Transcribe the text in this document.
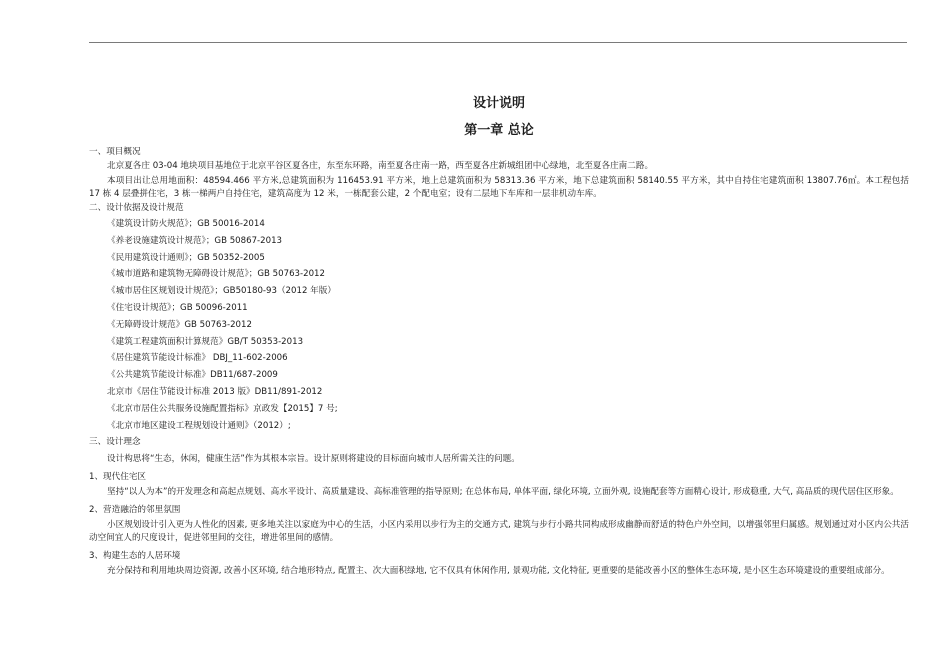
设计说明

第一章 总论

一、项目概况

北京夏各庄 03-04 地块项目基地位于北京平谷区夏各庄，东至东环路，南至夏各庄南一路，西至夏各庄新城组团中心绿地，北至夏各庄南二路。

本项目出让总用地面积：48594.466 平方米,总建筑面积为 116453.91 平方米，地上总建筑面积为 58313.36 平方米，地下总建筑面积 58140.55 平方米，其中自持住宅建筑面积 13807.76㎡。本工程包括 17 栋 4 层叠拼住宅，3 栋一梯两户自持住宅，建筑高度为 12 米，一栋配套公建，2 个配电室；设有二层地下车库和一层非机动车库。

二、设计依据及设计规范

《建筑设计防火规范》；GB 50016-2014

《养老设施建筑设计规范》；GB 50867-2013

《民用建筑设计通则》；GB 50352-2005

《城市道路和建筑物无障碍设计规范》；GB 50763-2012

《城市居住区规划设计规范》；GB50180-93（2012 年版）

《住宅设计规范》；GB 50096-2011

《无障碍设计规范》GB 50763-2012

《建筑工程建筑面积计算规范》GB/T 50353-2013

《居住建筑节能设计标准》 DBJ_11-602-2006

《公共建筑节能设计标准》DB11/687-2009

北京市《居住节能设计标准 2013 版》DB11/891-2012

《北京市居住公共服务设施配置指标》京政发【2015】7 号;

《北京市地区建设工程规划设计通则》（2012）;

三、设计理念

设计构思将“生态，休闲，健康生活”作为其根本宗旨。设计原则将建设的目标面向城市人居所需关注的问题。

1、现代住宅区

坚持“以人为本”的开发理念和高起点规划、高水平设计、高质量建设、高标准管理的指导原则; 在总体布局, 单体平面, 绿化环境, 立面外观, 设施配套等方面精心设计, 形成稳重, 大气, 高品质的现代居住区形象。

2、营造融洽的邻里氛围

小区规划设计引入更为人性化的因素, 更多地关注以家庭为中心的生活，小区内采用以步行为主的交通方式, 建筑与步行小路共同构成形成幽静而舒适的特色户外空间，以增强邻里归属感。规划通过对小区内公共活动空间宜人的尺度设计，促进邻里间的交往，增进邻里间的感情。

3、构建生态的人居环境

充分保持和利用地块周边资源, 改善小区环境, 结合地形特点, 配置主、次大面积绿地, 它不仅具有休闲作用, 景观功能, 文化特征, 更重要的是能改善小区的整体生态环境, 是小区生态环境建设的重要组成部分。
